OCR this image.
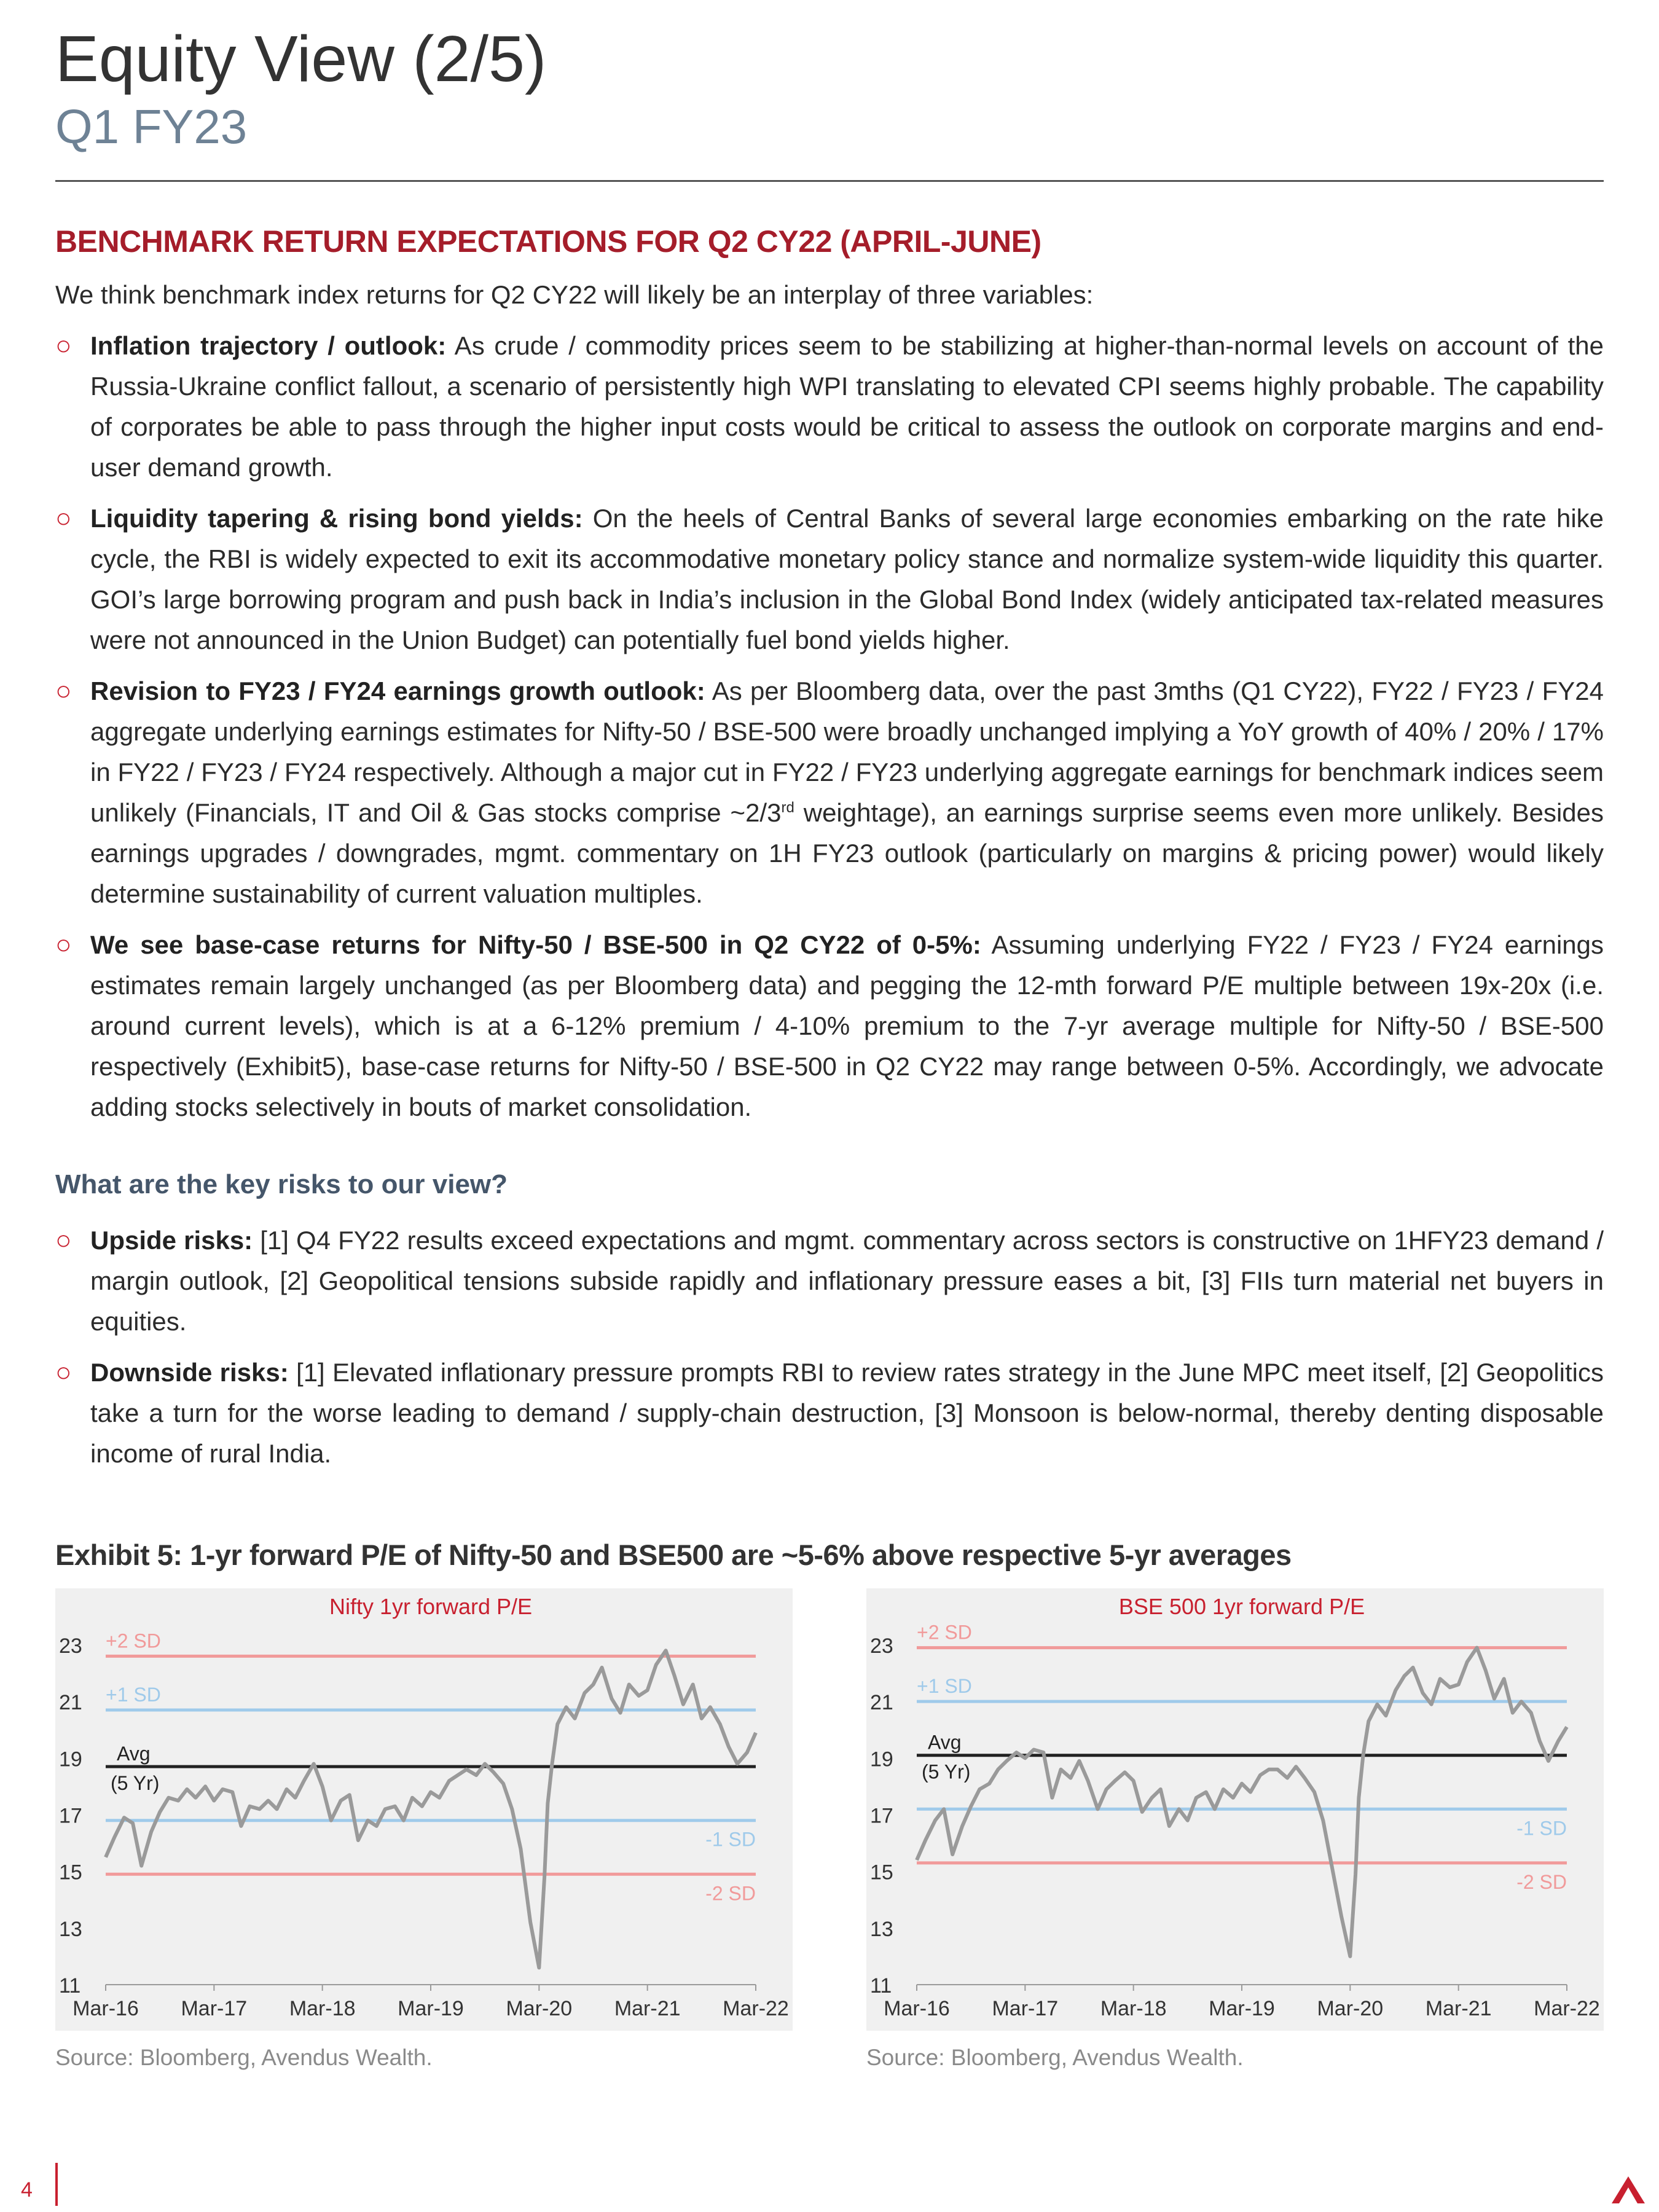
Equity View (2/5)
Q1 FY23
BENCHMARK RETURN EXPECTATIONS FOR Q2 CY22 (APRIL-JUNE)
We think benchmark index returns for Q2 CY22 will likely be an interplay of three variables:
○ Inflation trajectory / outlook: As crude / commodity prices seem to be stabilizing at higher-than-normal levels on account of the Russia-Ukraine conflict fallout, a scenario of persistently high WPI translating to elevated CPI seems highly probable. The capability of corporates be able to pass through the higher input costs would be critical to assess the outlook on corporate margins and end-user demand growth.
○ Liquidity tapering & rising bond yields: On the heels of Central Banks of several large economies embarking on the rate hike cycle, the RBI is widely expected to exit its accommodative monetary policy stance and normalize system-wide liquidity this quarter. GOI’s large borrowing program and push back in India’s inclusion in the Global Bond Index (widely anticipated tax-related measures were not announced in the Union Budget) can potentially fuel bond yields higher.
○ Revision to FY23 / FY24 earnings growth outlook: As per Bloomberg data, over the past 3mths (Q1 CY22), FY22 / FY23 / FY24 aggregate underlying earnings estimates for Nifty-50 / BSE-500 were broadly unchanged implying a YoY growth of 40% / 20% / 17% in FY22 / FY23 / FY24 respectively. Although a major cut in FY22 / FY23 underlying aggregate earnings for benchmark indices seem unlikely (Financials, IT and Oil & Gas stocks comprise ~2/3rd weightage), an earnings surprise seems even more unlikely. Besides earnings upgrades / downgrades, mgmt. commentary on 1H FY23 outlook (particularly on margins & pricing power) would likely determine sustainability of current valuation multiples.
○ We see base-case returns for Nifty-50 / BSE-500 in Q2 CY22 of 0-5%: Assuming underlying FY22 / FY23 / FY24 earnings estimates remain largely unchanged (as per Bloomberg data) and pegging the 12-mth forward P/E multiple between 19x-20x (i.e. around current levels), which is at a 6-12% premium / 4-10% premium to the 7-yr average multiple for Nifty-50 / BSE-500 respectively (Exhibit5), base-case returns for Nifty-50 / BSE-500 in Q2 CY22 may range between 0-5%. Accordingly, we advocate adding stocks selectively in bouts of market consolidation.
What are the key risks to our view?
○ Upside risks: [1] Q4 FY22 results exceed expectations and mgmt. commentary across sectors is constructive on 1HFY23 demand / margin outlook, [2] Geopolitical tensions subside rapidly and inflationary pressure eases a bit, [3] FIIs turn material net buyers in equities.
○ Downside risks: [1] Elevated inflationary pressure prompts RBI to review rates strategy in the June MPC meet itself, [2] Geopolitics take a turn for the worse leading to demand / supply-chain destruction, [3] Monsoon is below-normal, thereby denting disposable income of rural India.
Exhibit 5: 1-yr forward P/E of Nifty-50 and BSE500 are ~5-6% above respective 5-yr averages
Nifty 1yr forward P/E
23
21
19
17
15
13
11
Mar-16 Mar-17 Mar-18 Mar-19 Mar-20 Mar-21 Mar-22
+2 SD
+1 SD
Avg
(5 Yr)
-1 SD
-2 SD
BSE 500 1yr forward P/E
23
21
19
17
15
13
11
Mar-16 Mar-17 Mar-18 Mar-19 Mar-20 Mar-21 Mar-22
+2 SD
+1 SD
Avg
(5 Yr)
-1 SD
-2 SD
Source: Bloomberg, Avendus Wealth.	Source: Bloomberg, Avendus Wealth.
4
